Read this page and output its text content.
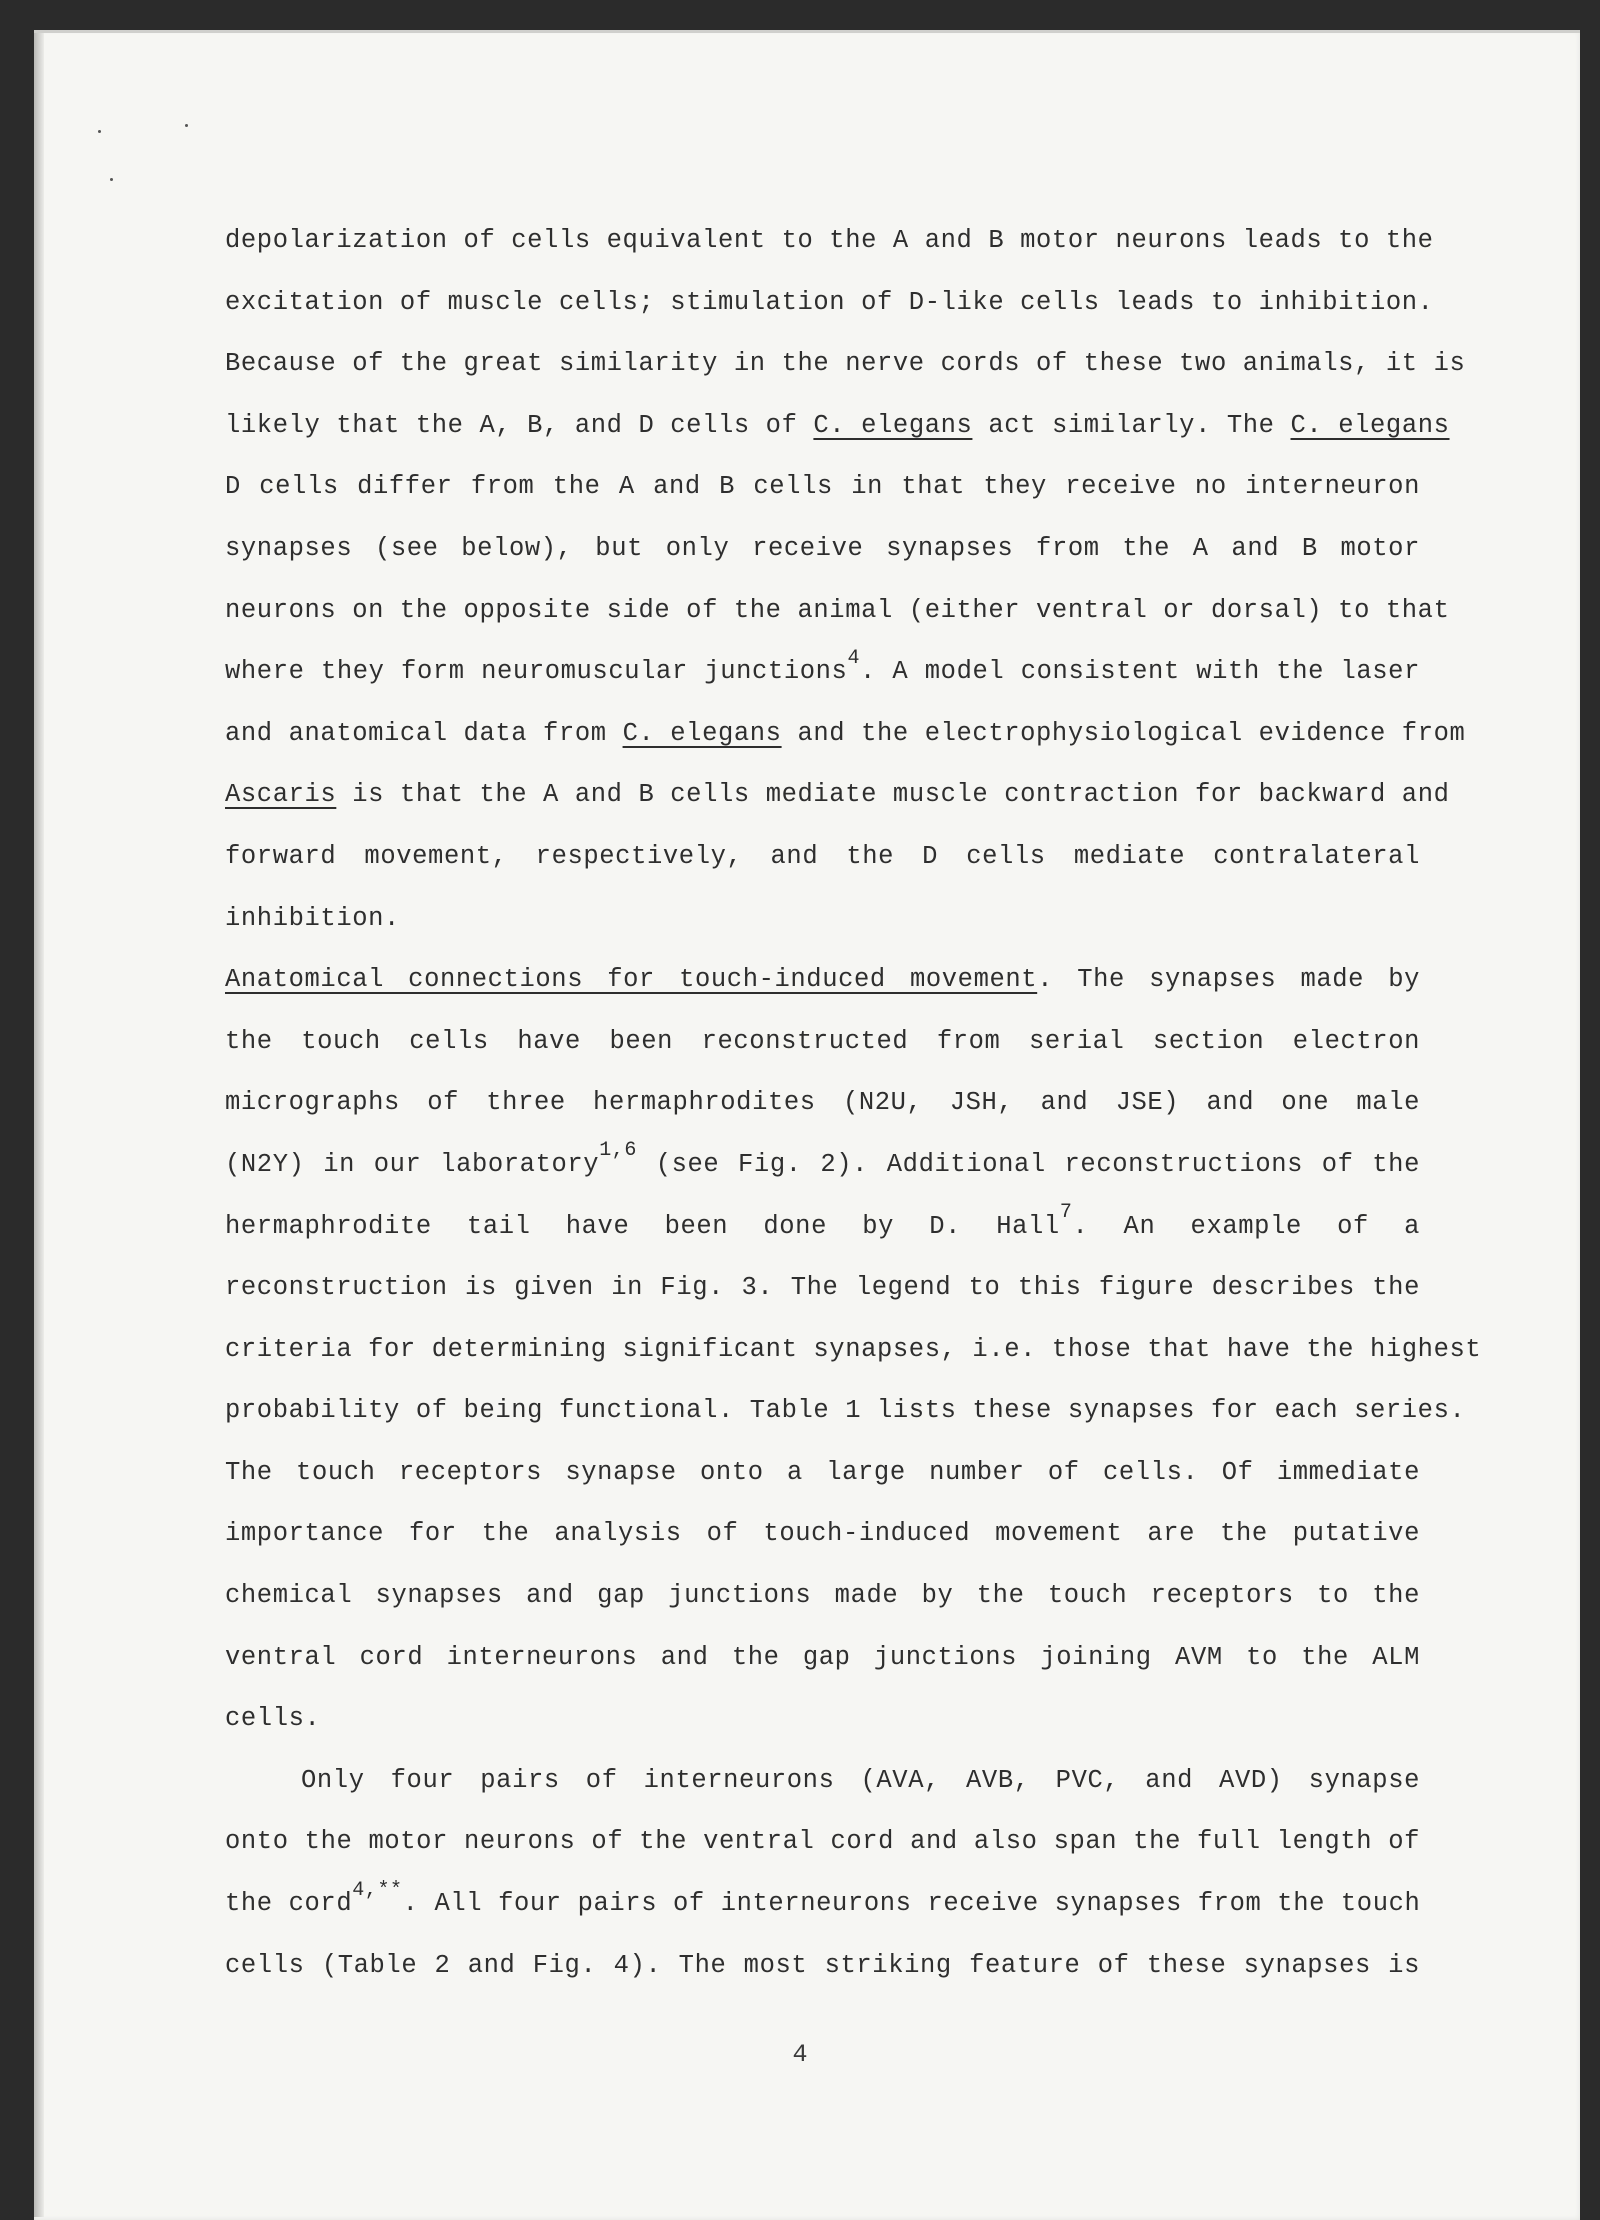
depolarization of cells equivalent to the A and B motor neurons leads to the
excitation of muscle cells; stimulation of D-like cells leads to inhibition.
Because of the great similarity in the nerve cords of these two animals, it is
likely that the A, B, and D cells of C. elegans act similarly. The C. elegans
D cells differ from the A and B cells in that they receive no interneuron
synapses (see below), but only receive synapses from the A and B motor
neurons on the opposite side of the animal (either ventral or dorsal) to that
where they form neuromuscular junctions$^4$. A model consistent with the laser
and anatomical data from C. elegans and the electrophysiological evidence from
Ascaris is that the A and B cells mediate muscle contraction for backward and
forward movement, respectively, and the D cells mediate contralateral
inhibition.
Anatomical connections for touch-induced movement. The synapses made by
the touch cells have been reconstructed from serial section electron
micrographs of three hermaphrodites (N2U, JSH, and JSE) and one male
(N2Y) in our laboratory$^{1,6}$ (see Fig. 2). Additional reconstructions of the
hermaphrodite tail have been done by D. Hall$^7$. An example of a
reconstruction is given in Fig. 3. The legend to this figure describes the
criteria for determining significant synapses, i.e. those that have the highest
probability of being functional. Table 1 lists these synapses for each series.
The touch receptors synapse onto a large number of cells. Of immediate
importance for the analysis of touch-induced movement are the putative
chemical synapses and gap junctions made by the touch receptors to the
ventral cord interneurons and the gap junctions joining AVM to the ALM
cells.
Only four pairs of interneurons (AVA, AVB, PVC, and AVD) synapse
onto the motor neurons of the ventral cord and also span the full length of
the cord$^{4,**}$. All four pairs of interneurons receive synapses from the touch
cells (Table 2 and Fig. 4). The most striking feature of these synapses is
4
